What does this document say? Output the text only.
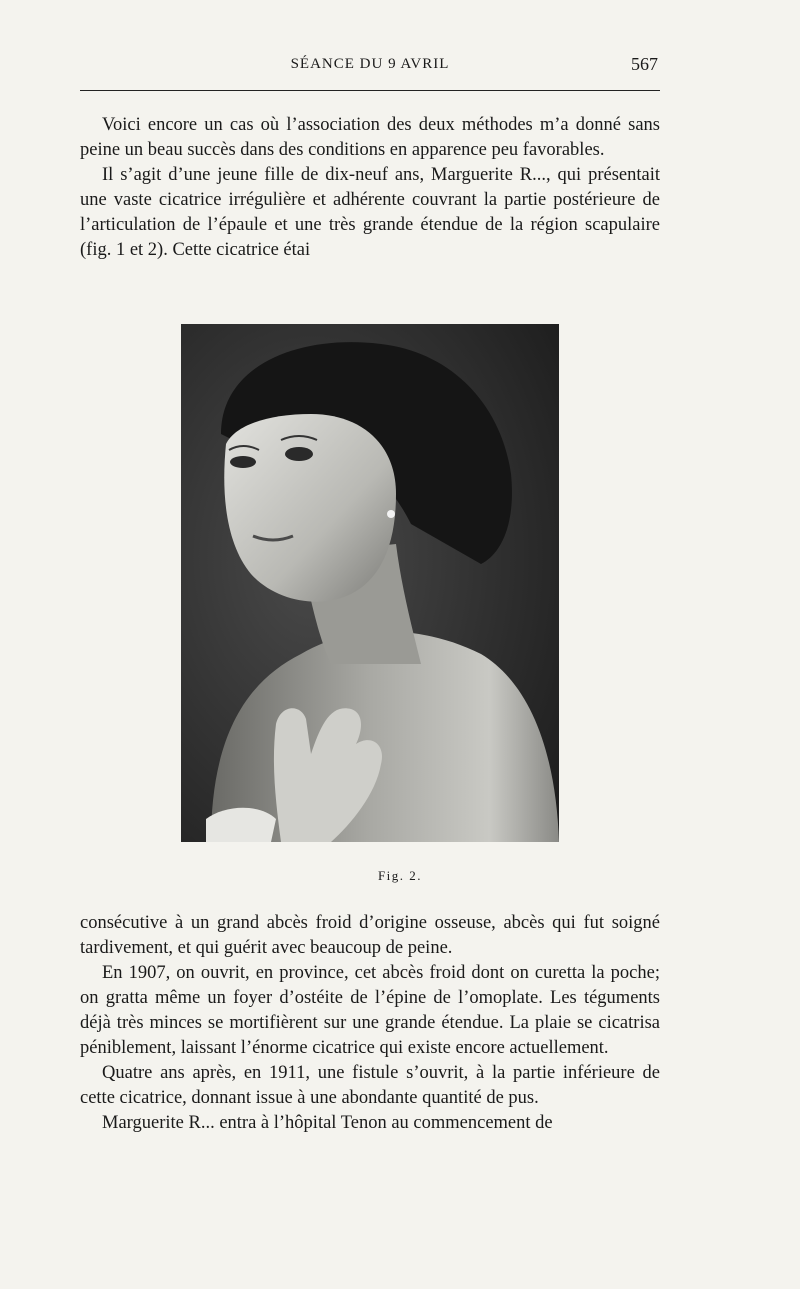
SÉANCE DU 9 AVRIL	567

Voici encore un cas où l’association des deux méthodes m’a donné sans peine un beau succès dans des conditions en apparence peu favorables.

Il s’agit d’une jeune fille de dix-neuf ans, Marguerite R..., qui présentait une vaste cicatrice irrégulière et adhérente couvrant la partie postérieure de l’articulation de l’épaule et une très grande étendue de la région scapulaire (fig. 1 et 2). Cette cicatrice étai

Fig. 2.

consécutive à un grand abcès froid d’origine osseuse, abcès qui fut soigné tardivement, et qui guérit avec beaucoup de peine.

En 1907, on ouvrit, en province, cet abcès froid dont on curetta la poche; on gratta même un foyer d’ostéite de l’épine de l’omoplate. Les téguments déjà très minces se mortifièrent sur une grande étendue. La plaie se cicatrisa péniblement, laissant l’énorme cicatrice qui existe encore actuellement.

Quatre ans après, en 1911, une fistule s’ouvrit, à la partie inférieure de cette cicatrice, donnant issue à une abondante quantité de pus.

Marguerite R... entra à l’hôpital Tenon au commencement de
